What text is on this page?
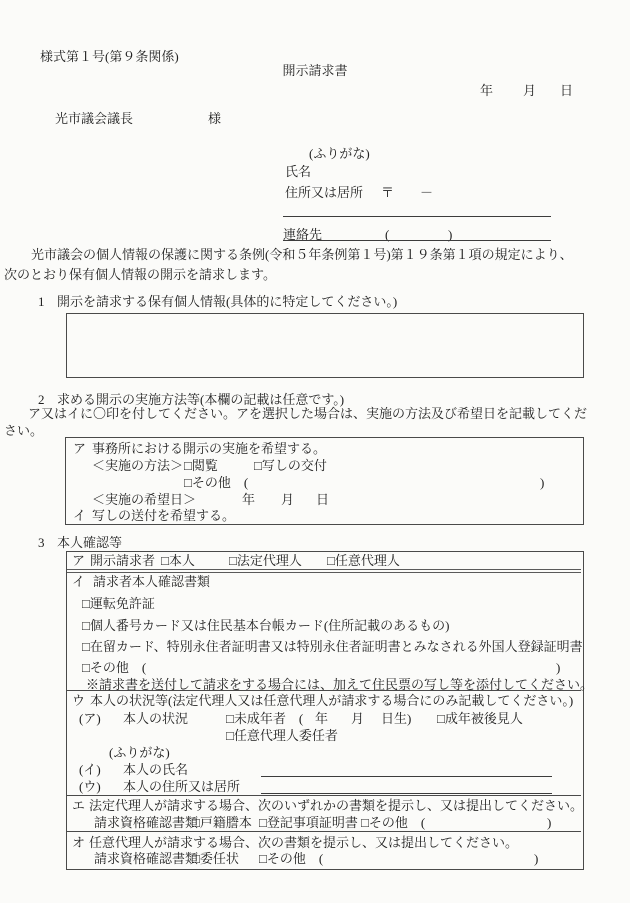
様式第１号(第９条関係)
開示請求書
年 月 日
光市議会議長	様
(ふりがな)
氏名
住所又は居所 〒 －
連絡先	(	)
光市議会の個人情報の保護に関する条例(令和５年条例第１号)第１９条第１項の規定により、
次のとおり保有個人情報の開示を請求します。
1 開示を請求する保有個人情報(具体的に特定してください。)
2 求める開示の実施方法等(本欄の記載は任意です。)
ア又はイに〇印を付してください。アを選択した場合は、実施の方法及び希望日を記載してくだ
さい。
ア 事務所における開示の実施を希望する。
＜実施の方法＞ □閲覧	□写しの交付
□その他　(	)
＜実施の希望日＞	年 月 日
イ 写しの送付を希望する。
3 本人確認等
ア 開示請求者 □本人	□法定代理人 □任意代理人
イ 請求者本人確認書類
□運転免許証
□個人番号カード又は住民基本台帳カード(住所記載のあるもの)
□在留カード、特別永住者証明書又は特別永住者証明書とみなされる外国人登録証明書
□その他　(	)
※請求書を送付して請求をする場合には、加えて住民票の写し等を添付してください。
ウ 本人の状況等(法定代理人又は任意代理人が請求する場合にのみ記載してください。)
(ア) 本人の状況	□未成年者　( 年 月 日生) □成年被後見人
□任意代理人委任者
(ふりがな)
(イ) 本人の氏名
(ウ) 本人の住所又は居所
エ 法定代理人が請求する場合、次のいずれかの書類を提示し、又は提出してください。
請求資格確認書類
□戸籍謄本 □登記事項証明書 □その他　(	)
オ 任意代理人が請求する場合、次の書類を提示し、又は提出してください。
請求資格確認書類
□委任状 □その他　(	)
